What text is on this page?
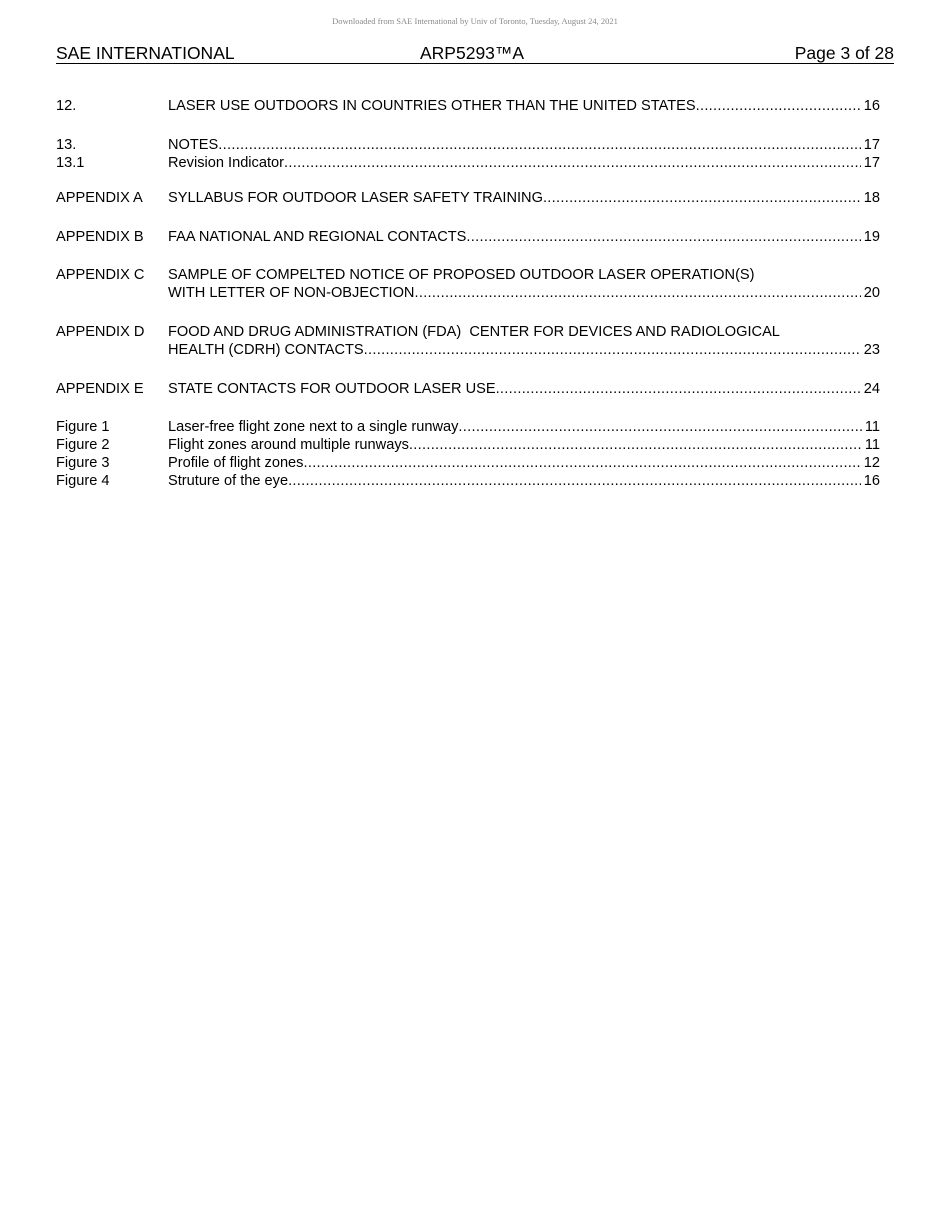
Downloaded from SAE International by Univ of Toronto, Tuesday, August 24, 2021
SAE INTERNATIONAL	ARP5293™A	Page 3 of 28
12.	LASER USE OUTDOORS IN COUNTRIES OTHER THAN THE UNITED STATES .....	16
13.	NOTES .....	17
13.1	Revision Indicator .....	17
APPENDIX A SYLLABUS FOR OUTDOOR LASER SAFETY TRAINING .....	18
APPENDIX B FAA NATIONAL AND REGIONAL CONTACTS .....	19
APPENDIX C SAMPLE OF COMPELTED NOTICE OF PROPOSED OUTDOOR LASER OPERATION(S)
WITH LETTER OF NON-OBJECTION .....	20
APPENDIX D FOOD AND DRUG ADMINISTRATION (FDA)  CENTER FOR DEVICES AND RADIOLOGICAL
HEALTH (CDRH) CONTACTS .....	23
APPENDIX E STATE CONTACTS FOR OUTDOOR LASER USE .....	24
Figure 1	Laser-free flight zone next to a single runway .....	11
Figure 2	Flight zones around multiple runways .....	11
Figure 3	Profile of flight zones .....	12
Figure 4	Struture of the eye .....	16
